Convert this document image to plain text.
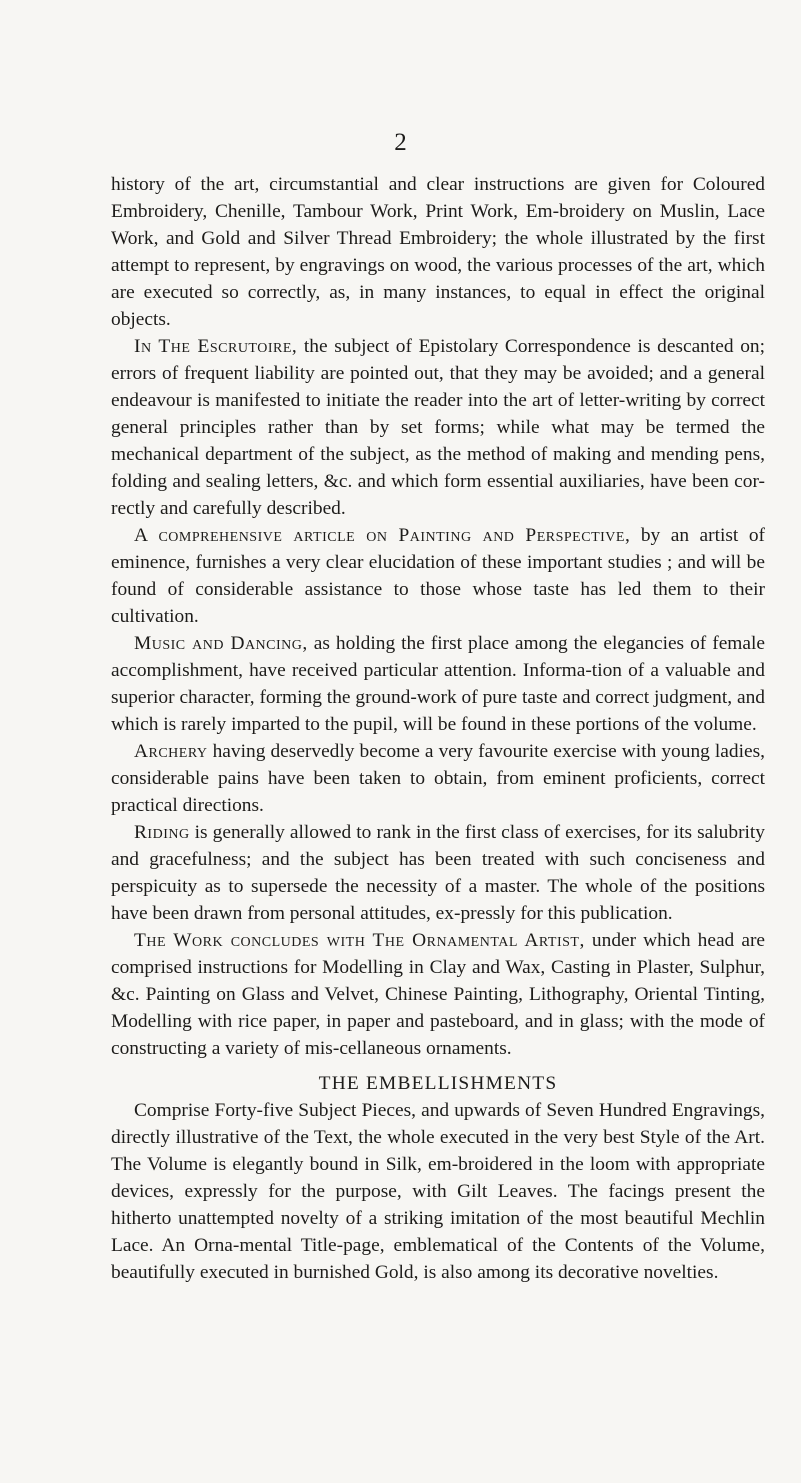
2

history of the art, circumstantial and clear instructions are given for Coloured Embroidery, Chenille, Tambour Work, Print Work, Em-broidery on Muslin, Lace Work, and Gold and Silver Thread Embroidery; the whole illustrated by the first attempt to represent, by engravings on wood, the various processes of the art, which are executed so correctly, as, in many instances, to equal in effect the original objects.

In The Escrutoire, the subject of Epistolary Correspondence is descanted on; errors of frequent liability are pointed out, that they may be avoided; and a general endeavour is manifested to initiate the reader into the art of letter-writing by correct general principles rather than by set forms; while what may be termed the mechanical department of the subject, as the method of making and mending pens, folding and sealing letters, &c. and which form essential auxiliaries, have been cor-rectly and carefully described.

A comprehensive article on Painting and Perspective, by an artist of eminence, furnishes a very clear elucidation of these important studies ; and will be found of considerable assistance to those whose taste has led them to their cultivation.

Music and Dancing, as holding the first place among the elegancies of female accomplishment, have received particular attention. Informa-tion of a valuable and superior character, forming the ground-work of pure taste and correct judgment, and which is rarely imparted to the pupil, will be found in these portions of the volume.

Archery having deservedly become a very favourite exercise with young ladies, considerable pains have been taken to obtain, from eminent proficients, correct practical directions.

Riding is generally allowed to rank in the first class of exercises, for its salubrity and gracefulness; and the subject has been treated with such conciseness and perspicuity as to supersede the necessity of a master. The whole of the positions have been drawn from personal attitudes, ex-pressly for this publication.

The Work concludes with The Ornamental Artist, under which head are comprised instructions for Modelling in Clay and Wax, Casting in Plaster, Sulphur, &c. Painting on Glass and Velvet, Chinese Painting, Lithography, Oriental Tinting, Modelling with rice paper, in paper and pasteboard, and in glass; with the mode of constructing a variety of mis-cellaneous ornaments.

THE EMBELLISHMENTS

Comprise Forty-five Subject Pieces, and upwards of Seven Hundred Engravings, directly illustrative of the Text, the whole executed in the very best Style of the Art. The Volume is elegantly bound in Silk, em-broidered in the loom with appropriate devices, expressly for the purpose, with Gilt Leaves. The facings present the hitherto unattempted novelty of a striking imitation of the most beautiful Mechlin Lace. An Orna-mental Title-page, emblematical of the Contents of the Volume, beautifully executed in burnished Gold, is also among its decorative novelties.
